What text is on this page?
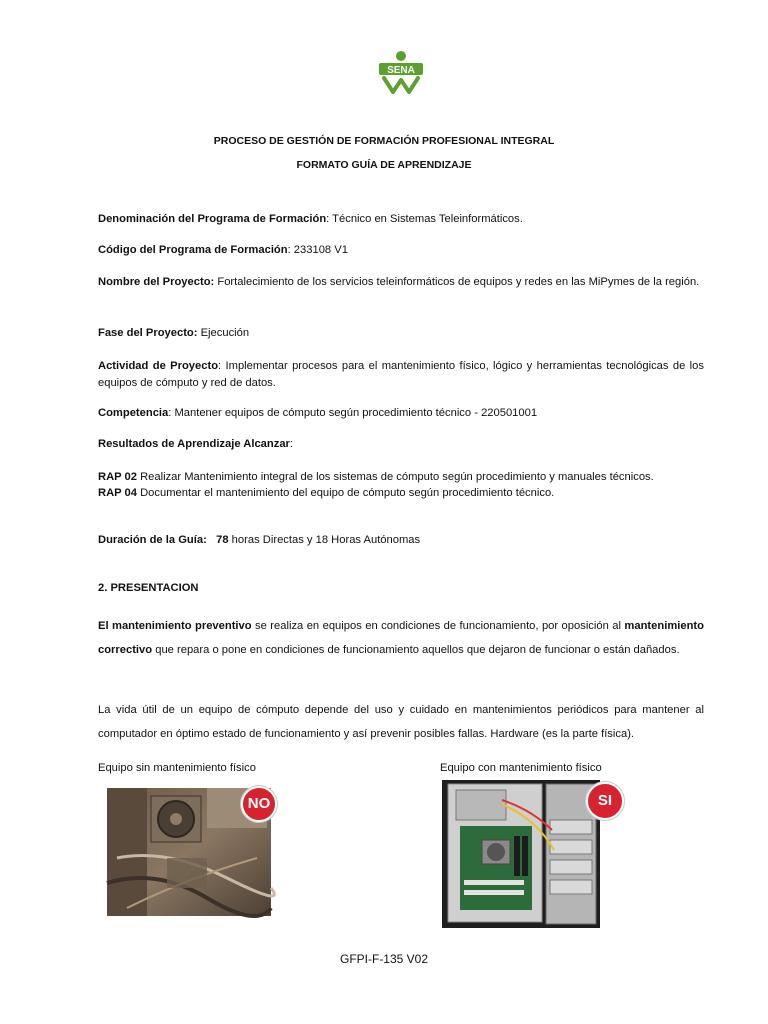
SENA
PROCESO DE GESTIÓN DE FORMACIÓN PROFESIONAL INTEGRAL
FORMATO GUÍA DE APRENDIZAJE
Denominación del Programa de Formación: Técnico en Sistemas Teleinformáticos.
Código del Programa de Formación: 233108 V1
Nombre del Proyecto: Fortalecimiento de los servicios teleinformáticos de equipos y redes en las MiPymes de la región.
Fase del Proyecto: Ejecución
Actividad de Proyecto: Implementar procesos para el mantenimiento físico, lógico y herramientas tecnológicas de los equipos de cómputo y red de datos.
Competencia: Mantener equipos de cómputo según procedimiento técnico - 220501001
Resultados de Aprendizaje Alcanzar:
RAP 02 Realizar Mantenimiento integral de los sistemas de cómputo según procedimiento y manuales técnicos.
RAP 04 Documentar el mantenimiento del equipo de cómputo según procedimiento técnico.
Duración de la Guía: 78 horas Directas y 18 Horas Autónomas
2. PRESENTACION
El mantenimiento preventivo se realiza en equipos en condiciones de funcionamiento, por oposición al mantenimiento correctivo que repara o pone en condiciones de funcionamiento aquellos que dejaron de funcionar o están dañados.
La vida útil de un equipo de cómputo depende del uso y cuidado en mantenimientos periódicos para mantener al computador en óptimo estado de funcionamiento y así prevenir posibles fallas. Hardware (es la parte física).
Equipo sin mantenimiento físico	Equipo con mantenimiento físico
NO	SI
GFPI-F-135 V02
